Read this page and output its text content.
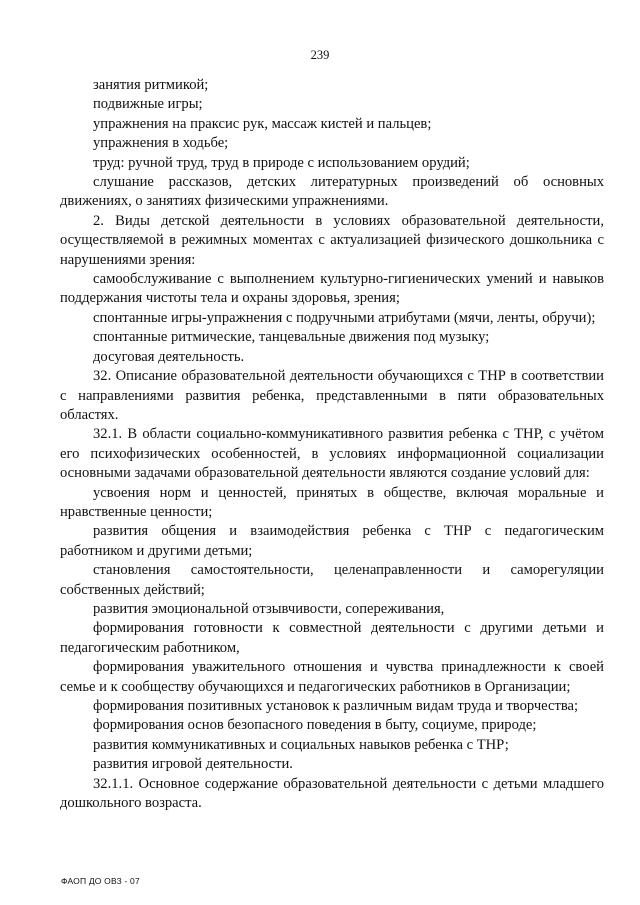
239

занятия ритмикой;

подвижные игры;

упражнения на праксис рук, массаж кистей и пальцев;

упражнения в ходьбе;

труд: ручной труд, труд в природе с использованием орудий;

слушание рассказов, детских литературных произведений об основных движениях, о занятиях физическими упражнениями.

2. Виды детской деятельности в условиях образовательной деятельности, осуществляемой в режимных моментах с актуализацией физического дошкольника с нарушениями зрения:

самообслуживание с выполнением культурно-гигиенических умений и навыков поддержания чистоты тела и охраны здоровья, зрения;

спонтанные игры-упражнения с подручными атрибутами (мячи, ленты, обручи);

спонтанные ритмические, танцевальные движения под музыку;

досуговая деятельность.

32. Описание образовательной деятельности обучающихся с ТНР в соответствии с направлениями развития ребенка, представленными в пяти образовательных областях.

32.1. В области социально-коммуникативного развития ребенка с ТНР, с учётом его психофизических особенностей, в условиях информационной социализации основными задачами образовательной деятельности являются создание условий для:

усвоения норм и ценностей, принятых в обществе, включая моральные и нравственные ценности;

развития общения и взаимодействия ребенка с ТНР с педагогическим работником и другими детьми;

становления самостоятельности, целенаправленности и саморегуляции собственных действий;

развития эмоциональной отзывчивости, сопереживания,

формирования готовности к совместной деятельности с другими детьми и педагогическим работником,

формирования уважительного отношения и чувства принадлежности к своей семье и к сообществу обучающихся и педагогических работников в Организации;

формирования позитивных установок к различным видам труда и творчества;

формирования основ безопасного поведения в быту, социуме, природе;

развития коммуникативных и социальных навыков ребенка с ТНР;

развития игровой деятельности.

32.1.1. Основное содержание образовательной деятельности с детьми младшего дошкольного возраста.

ФАОП ДО ОВЗ - 07
